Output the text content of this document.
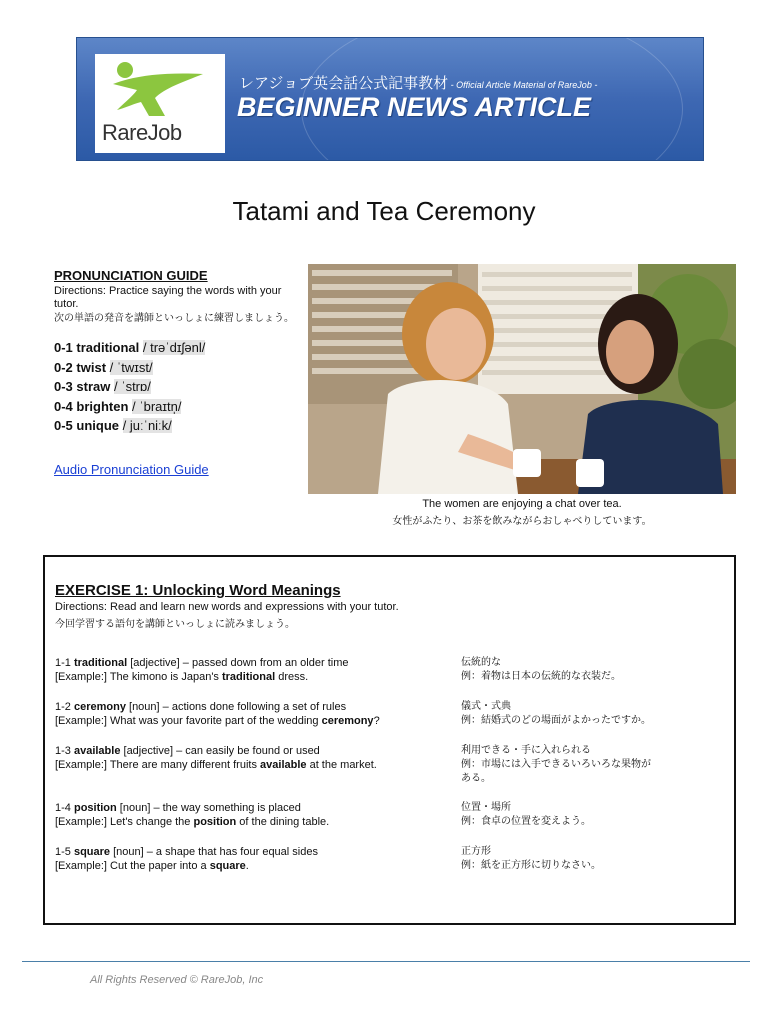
RareJob
レアジョブ英会話公式記事教材 - Official Article Material of RareJob -
BEGINNER NEWS ARTICLE
Tatami and Tea Ceremony
PRONUNCIATION GUIDE
Directions: Practice saying the words with your tutor.
次の単語の発音を講師といっしょに練習しましょう。
0-1 traditional / trəˈdɪʃənl/
0-2 twist / ˈtwɪst/
0-3 straw / ˈstrɒ/
0-4 brighten / ˈbraɪtn̩/
0-5 unique / juːˈniːk/
Audio Pronunciation Guide
The women are enjoying a chat over tea.
女性がふたり、お茶を飲みながらおしゃべりしています。
EXERCISE 1: Unlocking Word Meanings
Directions: Read and learn new words and expressions with your tutor.
今回学習する語句を講師といっしょに読みましょう。
1-1 traditional [adjective] – passed down from an older time
[Example:] The kimono is Japan's traditional dress.
伝統的な
例：着物は日本の伝統的な衣装だ。
1-2 ceremony [noun] – actions done following a set of rules
[Example:] What was your favorite part of the wedding ceremony?
儀式・式典
例：結婚式のどの場面がよかったですか。
1-3 available [adjective] – can easily be found or used
[Example:] There are many different fruits available at the market.
利用できる・手に入れられる
例：市場には入手できるいろいろな果物が
ある。
1-4 position [noun] – the way something is placed
[Example:] Let's change the position of the dining table.
位置・場所
例：食卓の位置を変えよう。
1-5 square [noun] – a shape that has four equal sides
[Example:] Cut the paper into a square.
正方形
例：紙を正方形に切りなさい。
All Rights Reserved © RareJob, Inc
